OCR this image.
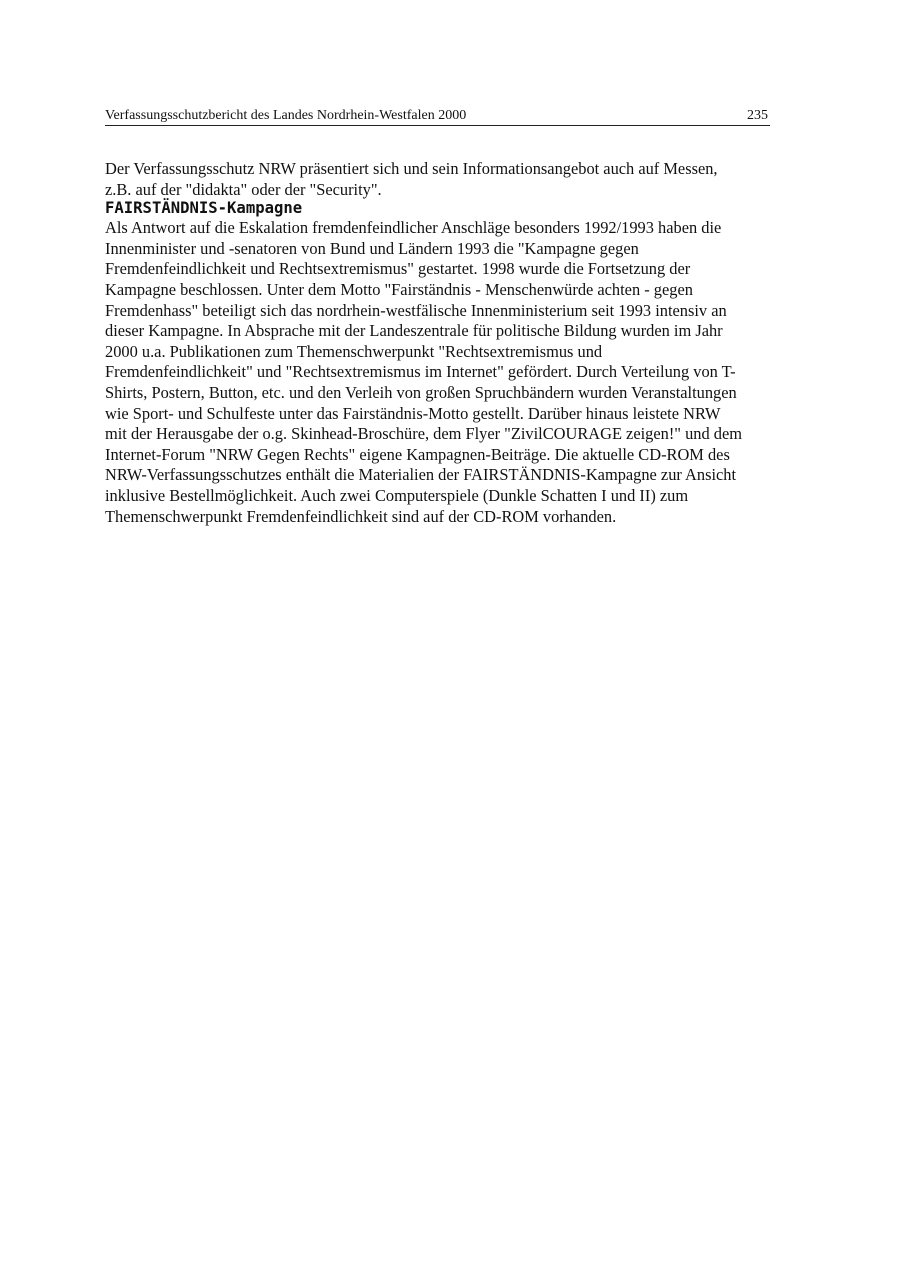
Verfassungsschutzbericht des Landes Nordrhein-Westfalen 2000	235
Der Verfassungsschutz NRW präsentiert sich und sein Informationsangebot auch auf Messen,
z.B. auf der "didakta" oder der "Security".
FAIRSTÄNDNIS-Kampagne
Als Antwort auf die Eskalation fremdenfeindlicher Anschläge besonders 1992/1993 haben die
Innenminister und -senatoren von Bund und Ländern 1993 die "Kampagne gegen
Fremdenfeindlichkeit und Rechtsextremismus" gestartet. 1998 wurde die Fortsetzung der
Kampagne beschlossen. Unter dem Motto "Fairständnis - Menschenwürde achten - gegen
Fremdenhass" beteiligt sich das nordrhein-westfälische Innenministerium seit 1993 intensiv an
dieser Kampagne. In Absprache mit der Landeszentrale für politische Bildung wurden im Jahr
2000 u.a. Publikationen zum Themenschwerpunkt "Rechtsextremismus und
Fremdenfeindlichkeit" und "Rechtsextremismus im Internet" gefördert. Durch Verteilung von T-
Shirts, Postern, Button, etc. und den Verleih von großen Spruchbändern wurden Veranstaltungen
wie Sport- und Schulfeste unter das Fairständnis-Motto gestellt. Darüber hinaus leistete NRW
mit der Herausgabe der o.g. Skinhead-Broschüre, dem Flyer "ZivilCOURAGE zeigen!" und dem
Internet-Forum "NRW Gegen Rechts" eigene Kampagnen-Beiträge. Die aktuelle CD-ROM des
NRW-Verfassungsschutzes enthält die Materialien der FAIRSTÄNDNIS-Kampagne zur Ansicht
inklusive Bestellmöglichkeit. Auch zwei Computerspiele (Dunkle Schatten I und II) zum
Themenschwerpunkt Fremdenfeindlichkeit sind auf der CD-ROM vorhanden.
